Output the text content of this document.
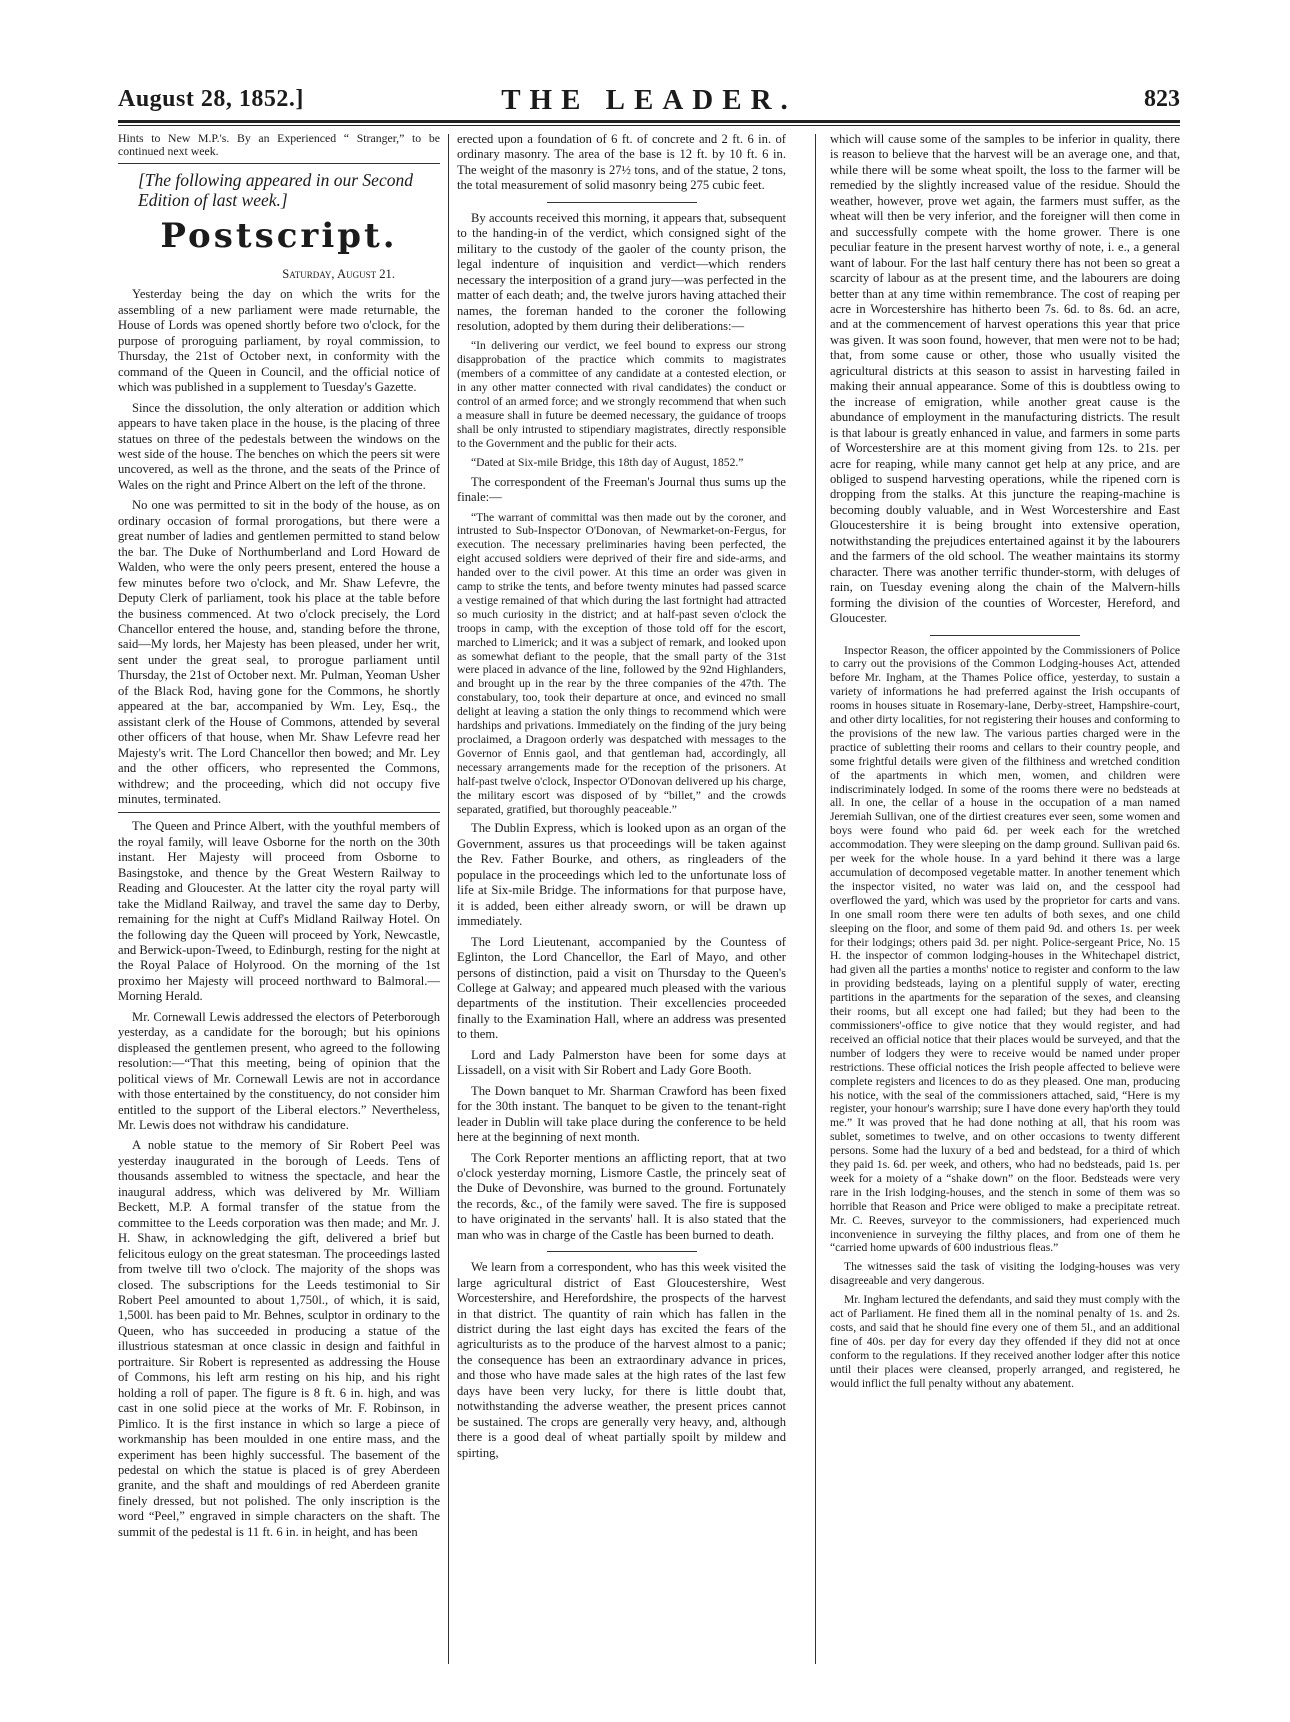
August 28, 1852.]	THE LEADER.	823

Hints to New M.P.'s. By an Experienced “ Stranger,” to be continued next week.

[The following appeared in our Second Edition of last week.]

Postscript.

Saturday, August 21.

Yesterday being the day on which the writs for the assembling of a new parliament were made returnable, the House of Lords was opened shortly before two o'clock, for the purpose of proroguing parliament, by royal commission, to Thursday, the 21st of October next, in conformity with the command of the Queen in Council, and the official notice of which was published in a supplement to Tuesday's Gazette.

Since the dissolution, the only alteration or addition which appears to have taken place in the house, is the placing of three statues on three of the pedestals between the windows on the west side of the house. The benches on which the peers sit were uncovered, as well as the throne, and the seats of the Prince of Wales on the right and Prince Albert on the left of the throne.

No one was permitted to sit in the body of the house, as on ordinary occasion of formal prorogations, but there were a great number of ladies and gentlemen permitted to stand below the bar. The Duke of Northumberland and Lord Howard de Walden, who were the only peers present, entered the house a few minutes before two o'clock, and Mr. Shaw Lefevre, the Deputy Clerk of parliament, took his place at the table before the business commenced. At two o'clock precisely, the Lord Chancellor entered the house, and, standing before the throne, said—My lords, her Majesty has been pleased, under her writ, sent under the great seal, to prorogue parliament until Thursday, the 21st of October next. Mr. Pulman, Yeoman Usher of the Black Rod, having gone for the Commons, he shortly appeared at the bar, accompanied by Wm. Ley, Esq., the assistant clerk of the House of Commons, attended by several other officers of that house, when Mr. Shaw Lefevre read her Majesty's writ. The Lord Chancellor then bowed; and Mr. Ley and the other officers, who represented the Commons, withdrew; and the proceeding, which did not occupy five minutes, terminated.

The Queen and Prince Albert, with the youthful members of the royal family, will leave Osborne for the north on the 30th instant. Her Majesty will proceed from Osborne to Basingstoke, and thence by the Great Western Railway to Reading and Gloucester. At the latter city the royal party will take the Midland Railway, and travel the same day to Derby, remaining for the night at Cuff's Midland Railway Hotel. On the following day the Queen will proceed by York, Newcastle, and Berwick-upon-Tweed, to Edinburgh, resting for the night at the Royal Palace of Holyrood. On the morning of the 1st proximo her Majesty will proceed northward to Balmoral.—Morning Herald.

Mr. Cornewall Lewis addressed the electors of Peterborough yesterday, as a candidate for the borough; but his opinions displeased the gentlemen present, who agreed to the following resolution:—“That this meeting, being of opinion that the political views of Mr. Cornewall Lewis are not in accordance with those entertained by the constituency, do not consider him entitled to the support of the Liberal electors.” Nevertheless, Mr. Lewis does not withdraw his candidature.

A noble statue to the memory of Sir Robert Peel was yesterday inaugurated in the borough of Leeds. Tens of thousands assembled to witness the spectacle, and hear the inaugural address, which was delivered by Mr. William Beckett, M.P. A formal transfer of the statue from the committee to the Leeds corporation was then made; and Mr. J. H. Shaw, in acknowledging the gift, delivered a brief but felicitous eulogy on the great statesman. The proceedings lasted from twelve till two o'clock. The majority of the shops was closed. The subscriptions for the Leeds testimonial to Sir Robert Peel amounted to about 1,750l., of which, it is said, 1,500l. has been paid to Mr. Behnes, sculptor in ordinary to the Queen, who has succeeded in producing a statue of the illustrious statesman at once classic in design and faithful in portraiture. Sir Robert is represented as addressing the House of Commons, his left arm resting on his hip, and his right holding a roll of paper. The figure is 8 ft. 6 in. high, and was cast in one solid piece at the works of Mr. F. Robinson, in Pimlico. It is the first instance in which so large a piece of workmanship has been moulded in one entire mass, and the experiment has been highly successful. The basement of the pedestal on which the statue is placed is of grey Aberdeen granite, and the shaft and mouldings of red Aberdeen granite finely dressed, but not polished. The only inscription is the word “Peel,” engraved in simple characters on the shaft. The summit of the pedestal is 11 ft. 6 in. in height, and has been

erected upon a foundation of 6 ft. of concrete and 2 ft. 6 in. of ordinary masonry. The area of the base is 12 ft. by 10 ft. 6 in. The weight of the masonry is 27½ tons, and of the statue, 2 tons, the total measurement of solid masonry being 275 cubic feet.

By accounts received this morning, it appears that, subsequent to the handing-in of the verdict, which consigned sight of the military to the custody of the gaoler of the county prison, the legal indenture of inquisition and verdict—which renders necessary the interposition of a grand jury—was perfected in the matter of each death; and, the twelve jurors having attached their names, the foreman handed to the coroner the following resolution, adopted by them during their deliberations:—

“In delivering our verdict, we feel bound to express our strong disapprobation of the practice which commits to magistrates (members of a committee of any candidate at a contested election, or in any other matter connected with rival candidates) the conduct or control of an armed force; and we strongly recommend that when such a measure shall in future be deemed necessary, the guidance of troops shall be only intrusted to stipendiary magistrates, directly responsible to the Government and the public for their acts.

“Dated at Six-mile Bridge, this 18th day of August, 1852.”

The correspondent of the Freeman's Journal thus sums up the finale:—

“The warrant of committal was then made out by the coroner, and intrusted to Sub-Inspector O'Donovan, of Newmarket-on-Fergus, for execution. The necessary preliminaries having been perfected, the eight accused soldiers were deprived of their fire and side-arms, and handed over to the civil power. At this time an order was given in camp to strike the tents, and before twenty minutes had passed scarce a vestige remained of that which during the last fortnight had attracted so much curiosity in the district; and at half-past seven o'clock the troops in camp, with the exception of those told off for the escort, marched to Limerick; and it was a subject of remark, and looked upon as somewhat defiant to the people, that the small party of the 31st were placed in advance of the line, followed by the 92nd Highlanders, and brought up in the rear by the three companies of the 47th. The constabulary, too, took their departure at once, and evinced no small delight at leaving a station the only things to recommend which were hardships and privations. Immediately on the finding of the jury being proclaimed, a Dragoon orderly was despatched with messages to the Governor of Ennis gaol, and that gentleman had, accordingly, all necessary arrangements made for the reception of the prisoners. At half-past twelve o'clock, Inspector O'Donovan delivered up his charge, the military escort was disposed of by “billet,” and the crowds separated, gratified, but thoroughly peaceable.”

The Dublin Express, which is looked upon as an organ of the Government, assures us that proceedings will be taken against the Rev. Father Bourke, and others, as ringleaders of the populace in the proceedings which led to the unfortunate loss of life at Six-mile Bridge. The informations for that purpose have, it is added, been either already sworn, or will be drawn up immediately.

The Lord Lieutenant, accompanied by the Countess of Eglinton, the Lord Chancellor, the Earl of Mayo, and other persons of distinction, paid a visit on Thursday to the Queen's College at Galway; and appeared much pleased with the various departments of the institution. Their excellencies proceeded finally to the Examination Hall, where an address was presented to them.

Lord and Lady Palmerston have been for some days at Lissadell, on a visit with Sir Robert and Lady Gore Booth.

The Down banquet to Mr. Sharman Crawford has been fixed for the 30th instant. The banquet to be given to the tenant-right leader in Dublin will take place during the conference to be held here at the beginning of next month.

The Cork Reporter mentions an afflicting report, that at two o'clock yesterday morning, Lismore Castle, the princely seat of the Duke of Devonshire, was burned to the ground. Fortunately the records, &c., of the family were saved. The fire is supposed to have originated in the servants' hall. It is also stated that the man who was in charge of the Castle has been burned to death.

We learn from a correspondent, who has this week visited the large agricultural district of East Gloucestershire, West Worcestershire, and Herefordshire, the prospects of the harvest in that district. The quantity of rain which has fallen in the district during the last eight days has excited the fears of the agriculturists as to the produce of the harvest almost to a panic; the consequence has been an extraordinary advance in prices, and those who have made sales at the high rates of the last few days have been very lucky, for there is little doubt that, notwithstanding the adverse weather, the present prices cannot be sustained. The crops are generally very heavy, and, although there is a good deal of wheat partially spoilt by mildew and spirting,

which will cause some of the samples to be inferior in quality, there is reason to believe that the harvest will be an average one, and that, while there will be some wheat spoilt, the loss to the farmer will be remedied by the slightly increased value of the residue. Should the weather, however, prove wet again, the farmers must suffer, as the wheat will then be very inferior, and the foreigner will then come in and successfully compete with the home grower. There is one peculiar feature in the present harvest worthy of note, i. e., a general want of labour. For the last half century there has not been so great a scarcity of labour as at the present time, and the labourers are doing better than at any time within remembrance. The cost of reaping per acre in Worcestershire has hitherto been 7s. 6d. to 8s. 6d. an acre, and at the commencement of harvest operations this year that price was given. It was soon found, however, that men were not to be had; that, from some cause or other, those who usually visited the agricultural districts at this season to assist in harvesting failed in making their annual appearance. Some of this is doubtless owing to the increase of emigration, while another great cause is the abundance of employment in the manufacturing districts. The result is that labour is greatly enhanced in value, and farmers in some parts of Worcestershire are at this moment giving from 12s. to 21s. per acre for reaping, while many cannot get help at any price, and are obliged to suspend harvesting operations, while the ripened corn is dropping from the stalks. At this juncture the reaping-machine is becoming doubly valuable, and in West Worcestershire and East Gloucestershire it is being brought into extensive operation, notwithstanding the prejudices entertained against it by the labourers and the farmers of the old school. The weather maintains its stormy character. There was another terrific thunder-storm, with deluges of rain, on Tuesday evening along the chain of the Malvern-hills forming the division of the counties of Worcester, Hereford, and Gloucester.

Inspector Reason, the officer appointed by the Commissioners of Police to carry out the provisions of the Common Lodging-houses Act, attended before Mr. Ingham, at the Thames Police office, yesterday, to sustain a variety of informations he had preferred against the Irish occupants of rooms in houses situate in Rosemary-lane, Derby-street, Hampshire-court, and other dirty localities, for not registering their houses and conforming to the provisions of the new law. The various parties charged were in the practice of subletting their rooms and cellars to their country people, and some frightful details were given of the filthiness and wretched condition of the apartments in which men, women, and children were indiscriminately lodged. In some of the rooms there were no bedsteads at all. In one, the cellar of a house in the occupation of a man named Jeremiah Sullivan, one of the dirtiest creatures ever seen, some women and boys were found who paid 6d. per week each for the wretched accommodation. They were sleeping on the damp ground. Sullivan paid 6s. per week for the whole house. In a yard behind it there was a large accumulation of decomposed vegetable matter. In another tenement which the inspector visited, no water was laid on, and the cesspool had overflowed the yard, which was used by the proprietor for carts and vans. In one small room there were ten adults of both sexes, and one child sleeping on the floor, and some of them paid 9d. and others 1s. per week for their lodgings; others paid 3d. per night. Police-sergeant Price, No. 15 H. the inspector of common lodging-houses in the Whitechapel district, had given all the parties a months' notice to register and conform to the law in providing bedsteads, laying on a plentiful supply of water, erecting partitions in the apartments for the separation of the sexes, and cleansing their rooms, but all except one had failed; but they had been to the commissioners'-office to give notice that they would register, and had received an official notice that their places would be surveyed, and that the number of lodgers they were to receive would be named under proper restrictions. These official notices the Irish people affected to believe were complete registers and licences to do as they pleased. One man, producing his notice, with the seal of the commissioners attached, said, “Here is my register, your honour's warrship; sure I have done every hap'orth they tould me.” It was proved that he had done nothing at all, that his room was sublet, sometimes to twelve, and on other occasions to twenty different persons. Some had the luxury of a bed and bedstead, for a third of which they paid 1s. 6d. per week, and others, who had no bedsteads, paid 1s. per week for a moiety of a “shake down” on the floor. Bedsteads were very rare in the Irish lodging-houses, and the stench in some of them was so horrible that Reason and Price were obliged to make a precipitate retreat. Mr. C. Reeves, surveyor to the commissioners, had experienced much inconvenience in surveying the filthy places, and from one of them he “carried home upwards of 600 industrious fleas.”

The witnesses said the task of visiting the lodging-houses was very disagreeable and very dangerous.

Mr. Ingham lectured the defendants, and said they must comply with the act of Parliament. He fined them all in the nominal penalty of 1s. and 2s. costs, and said that he should fine every one of them 5l., and an additional fine of 40s. per day for every day they offended if they did not at once conform to the regulations. If they received another lodger after this notice until their places were cleansed, properly arranged, and registered, he would inflict the full penalty without any abatement.
